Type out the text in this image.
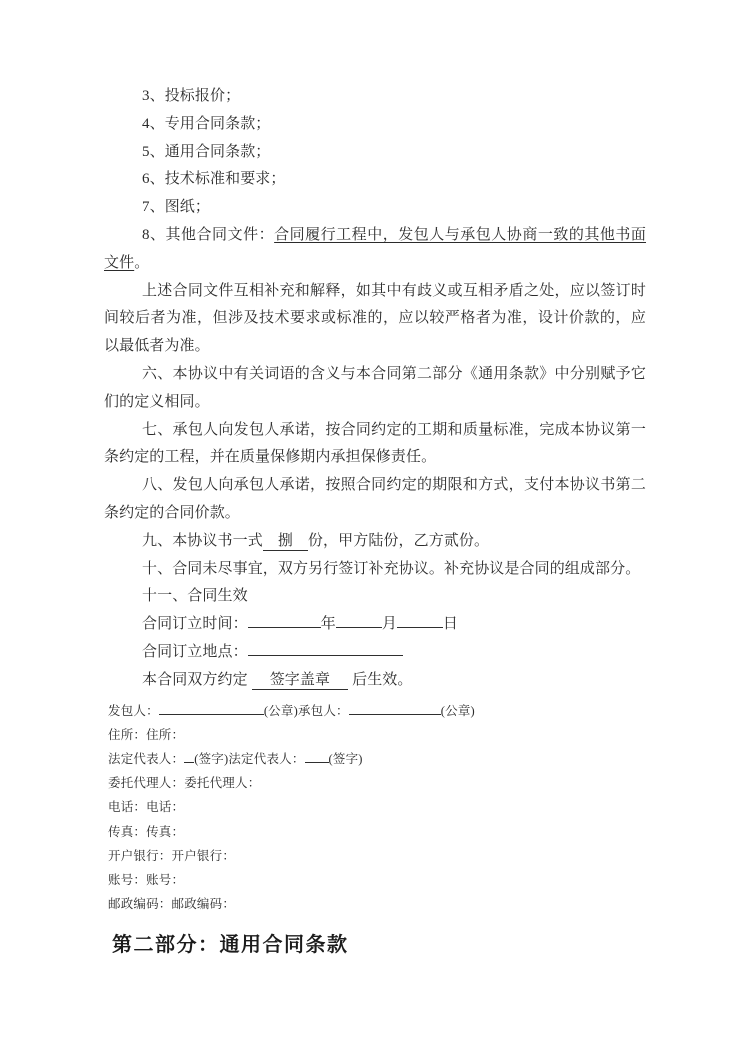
3、投标报价；

4、专用合同条款；

5、通用合同条款；

6、技术标准和要求；

7、图纸；

8、其他合同文件：合同履行工程中，发包人与承包人协商一致的其他书面文件。

上述合同文件互相补充和解释，如其中有歧义或互相矛盾之处，应以签订时间较后者为准，但涉及技术要求或标准的，应以较严格者为准，设计价款的，应以最低者为准。

六、本协议中有关词语的含义与本合同第二部分《通用条款》中分别赋予它们的定义相同。

七、承包人向发包人承诺，按合同约定的工期和质量标准，完成本协议第一条约定的工程，并在质量保修期内承担保修责任。

八、发包人向承包人承诺，按照合同约定的期限和方式，支付本协议书第二条约定的合同价款。

九、本协议书一式 捌 份，甲方陆份，乙方贰份。

十、合同未尽事宜，双方另行签订补充协议。补充协议是合同的组成部分。

十一、合同生效

合同订立时间：	年	月	日

合同订立地点：

本合同双方约定 签字盖章 后生效。

发包人：	(公章)承包人：	(公章)

住所：住所：

法定代表人： (签字)法定代表人： (签字)

委托代理人：委托代理人：

电话：电话：

传真：传真：

开户银行：开户银行：

账号：账号：

邮政编码：邮政编码：

第二部分：通用合同条款
